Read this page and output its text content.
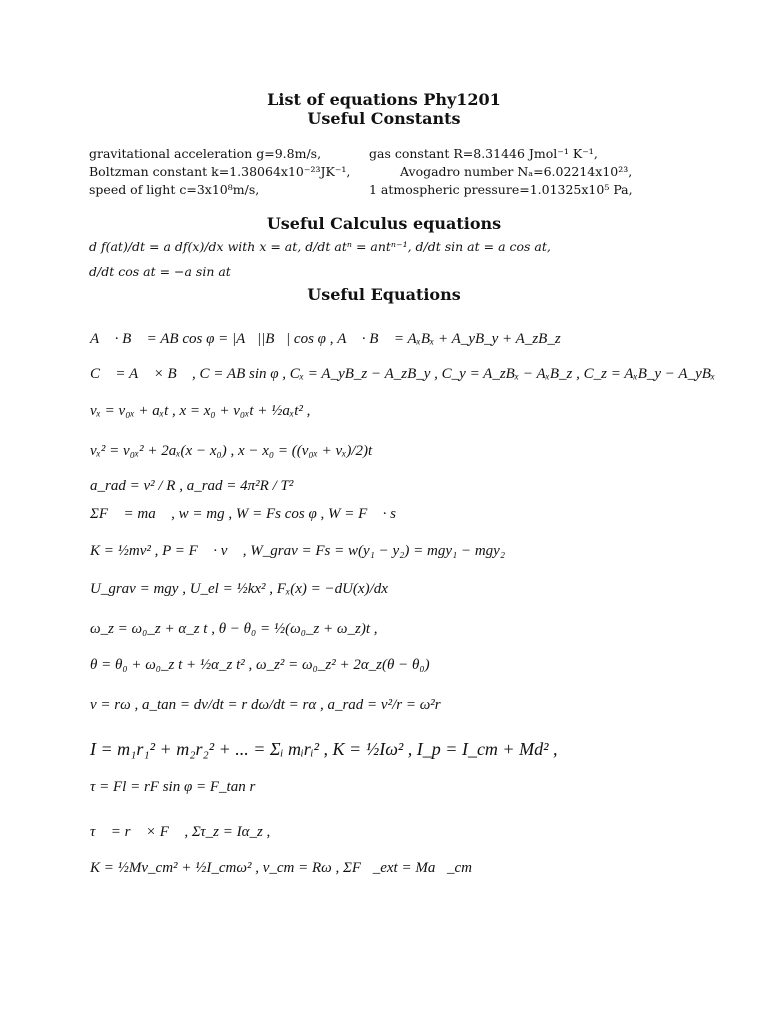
List of equations Phy1201
Useful Constants
gravitational acceleration g=9.8m/s,	gas constant R=8.31446 Jmol⁻¹ K⁻¹,
Boltzman constant k=1.38064x10⁻²³JK⁻¹,	Avogadro number Nₐ=6.02214x10²³,
speed of light c=3x10⁸m/s,	1 atmospheric pressure=1.01325x10⁵ Pa,
Useful Calculus equations
d f(at)/dt = a df(x)/dx with x = at, d/dt atⁿ = antⁿ⁻¹, d/dt sin at = a cos at,
d/dt cos at = −a sin at
Useful Equations
A⃗ · B⃗ = AB cos φ = |A⃗||B⃗| cos φ , A⃗ · B⃗ = AₓBₓ + A_yB_y + A_zB_z
C⃗ = A⃗ × B⃗ , C = AB sin φ , Cₓ = A_yB_z − A_zB_y , C_y = A_zBₓ − AₓB_z , C_z = AₓB_y − A_yBₓ
vₓ = v₀ₓ + aₓt , x = x₀ + v₀ₓt + ½aₓt² ,
vₓ² = v₀ₓ² + 2aₓ(x − x₀) , x − x₀ = ((v₀ₓ + vₓ)/2)t
a_rad = v² / R , a_rad = 4π²R / T²
ΣF⃗ = ma⃗ , w = mg , W = Fs cos φ , W = F⃗ · s⃗
K = ½mv² , P = F⃗ · v⃗ , W_grav = Fs = w(y₁ − y₂) = mgy₁ − mgy₂
U_grav = mgy , U_el = ½kx² , Fₓ(x) = −dU(x)/dx
ω_z = ω₀_z + α_z t , θ − θ₀ = ½(ω₀_z + ω_z)t ,
θ = θ₀ + ω₀_z t + ½α_z t² , ω_z² = ω₀_z² + 2α_z(θ − θ₀)
v = rω , a_tan = dv/dt = r dω/dt = rα , a_rad = v²/r = ω²r
I = m₁r₁² + m₂r₂² + ... = Σᵢ mᵢrᵢ² , K = ½Iω² , I_p = I_cm + Md² ,
τ = Fl = rF sin φ = F_tan r
τ⃗ = r⃗ × F⃗ , Στ_z = Iα_z ,
K = ½Mv_cm² + ½I_cmω² , v_cm = Rω , ΣF⃗_ext = Ma⃗_cm
